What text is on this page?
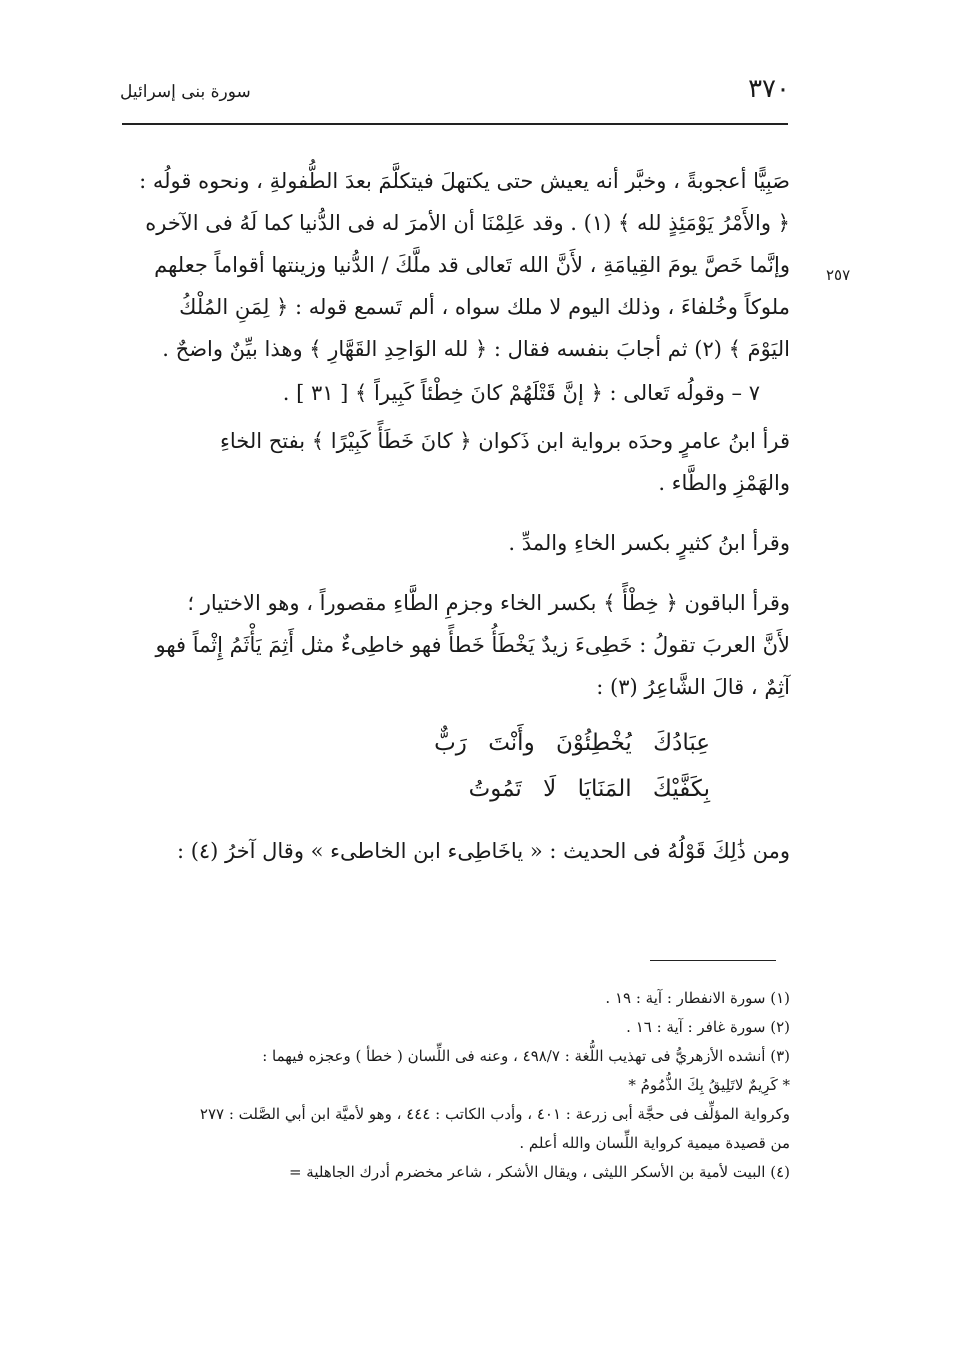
٣٧٠
سورة بنى إسرائيل
٢٥٧
صَبِيًّا أعجوبةً ، وخبَّر أنه يعيش حتى يكتهلَ فيتكلَّمَ بعدَ الطُّفولةِ ، ونحوه قولُه :
﴿ والأَمْرُ يَوْمَئِذٍ لله ﴾ (١) . وقد عَلِمْنَا أن الأمرَ له فى الدُّنيا كما لَهُ فى الآخره
وإنَّما خَصَّ يومَ القِيامَةِ ، لأَنَّ الله تَعالى قد ملَّكَ / الدُّنيا وزينتها أقواماً جعلهم
ملوكاً وخُلفاءَ ، وذلك اليوم لا ملك سواه ، ألم تَسمع قوله : ﴿ لِمَنِ المُلْكُ
اليَوْمَ ﴾ (٢) ثم أجابَ بنفسه فقال : ﴿ لله الوَاحِدِ القَهَّارِ ﴾ وهذا بيِّنٌ واضحٌ .
٧ – وقولُه تَعالى : ﴿ إنَّ قَتْلَهُمْ كانَ خِطْئاً كَبِيراً ﴾ [ ٣١ ] .
قرأ ابنُ عامرٍ وحدَه برواية ابن ذَكوان ﴿ كانَ خَطَأً كَبِيْرًا ﴾ بفتح الخاءِ
والهَمْزِ والطَّاء .
وقرأ ابنُ كثيرٍ بكسر الخاءِ والمدِّ .
وقرأ الباقون ﴿ خِطْأً ﴾ بكسر الخاء وجزمِ الطَّاءِ مقصوراً ، وهو الاختيار ؛
لأَنَّ العربَ تقولُ : خَطِىءَ زيدٌ يَخْطَأُ خَطأً فهو خاطِىءٌ مثل أَثِمَ يَأْثَمُ إِثْماً فهو
آثِمٌ ، قالَ الشَّاعِرُ (٣) :
عِبَادُكَ يُخْطِئُوْنَ وأَنْتَ رَبٌّ
بِكَفَّيْكَ المَنَايَا لَا تَمُوتُ
ومن ذَٰلِكَ قَوْلُهُ فى الحديث : « ياخَاطِىء ابن الخاطىء » وقال آخرُ (٤) :
(١) سورة الانفطار : آية : ١٩ .
(٢) سورة غافر : آية : ١٦ .
(٣) أنشده الأزهريُّ فى تهذيب اللُّغة : ٤٩٨/٧ ، وعنه فى اللِّسان ( خطأ ) وعجزه فيهما :
* كَرِيمٌ لاتَلِيقُ بِكَ الذُّمُومُ *
وكرواية المؤلِّف فى حجَّة أبى زرعة : ٤٠١ ، وأدب الكاتب : ٤٤٤ ، وهو لأميَّة ابن أبي الصَّلت : ٢٧٧
من قصيدة ميمية كرواية اللِّسان والله أعلم .
(٤) البيت لأمية بن الأسكر الليثى ، ويقال الأشكر ، شاعر مخضرم أدرك الجاهلية =
